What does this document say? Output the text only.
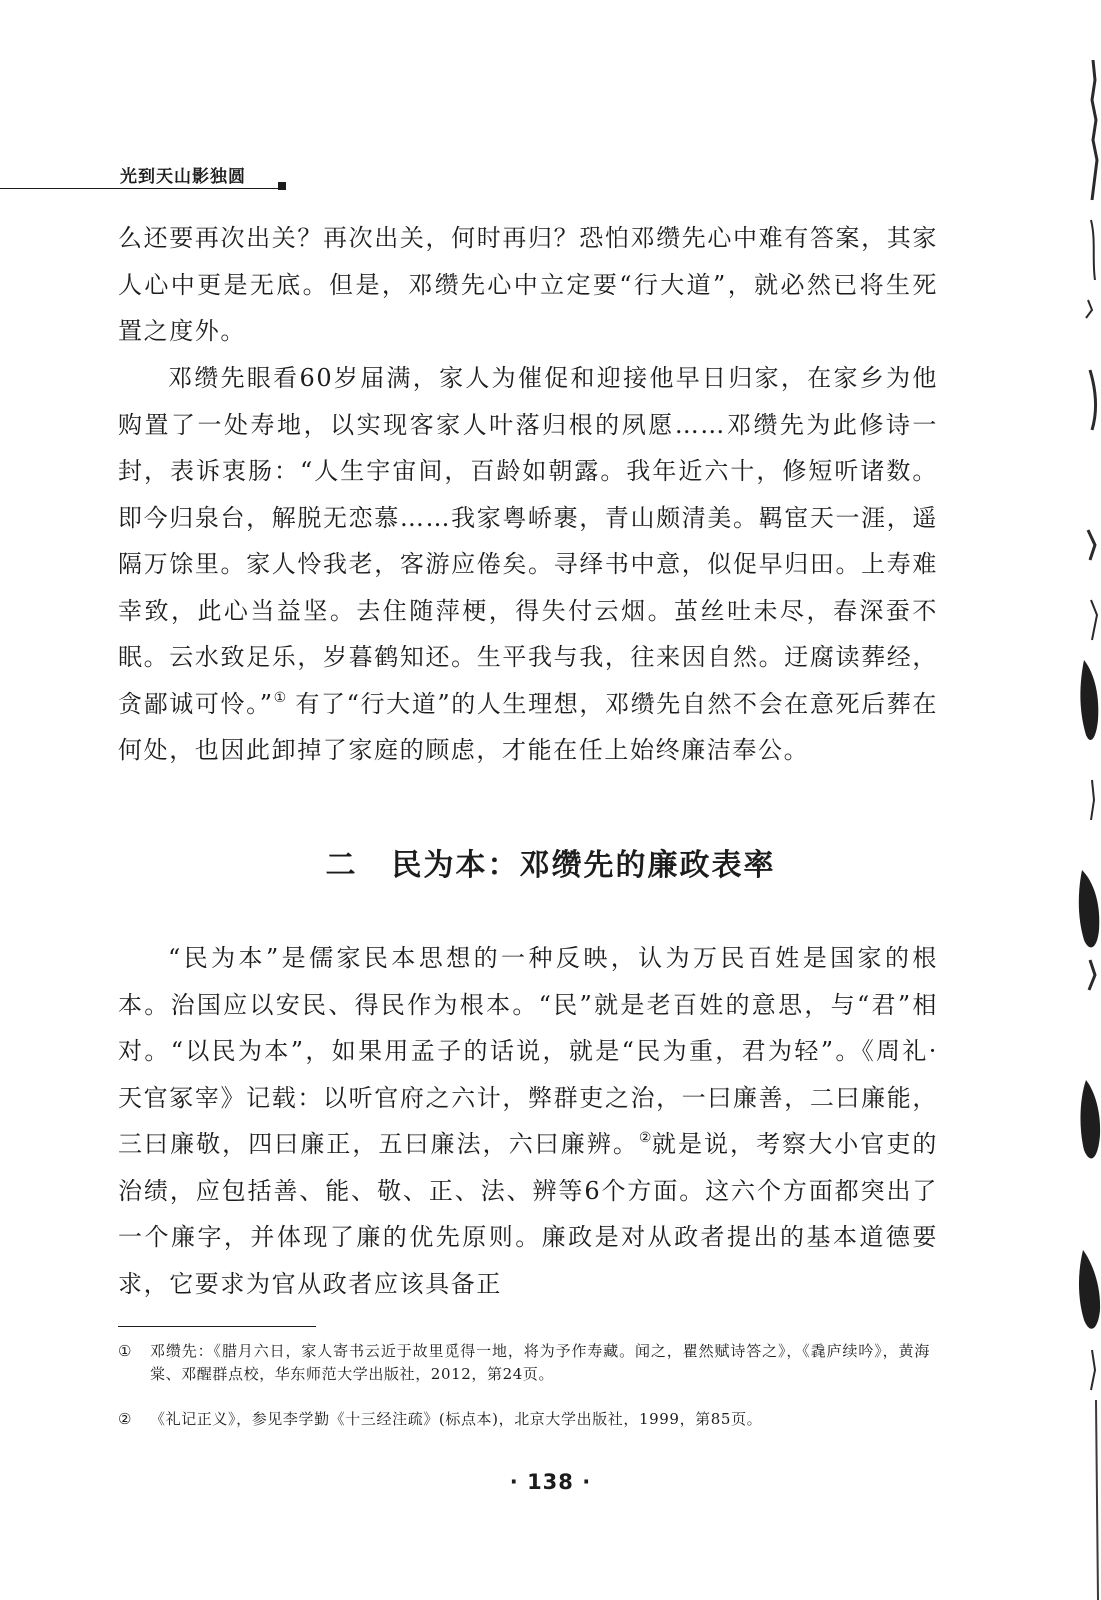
光到天山影独圆

么还要再次出关？再次出关，何时再归？恐怕邓缵先心中难有答案，其家人心中更是无底。但是，邓缵先心中立定要“行大道”，就必然已将生死置之度外。

邓缵先眼看60岁届满，家人为催促和迎接他早日归家，在家乡为他购置了一处寿地，以实现客家人叶落归根的夙愿……邓缵先为此修诗一封，表诉衷肠：“人生宇宙间，百龄如朝露。我年近六十，修短听诸数。即今归泉台，解脱无恋慕……我家粤峤裹，青山颇清美。羁宦天一涯，遥隔万馀里。家人怜我老，客游应倦矣。寻绎书中意，似促早归田。上寿难幸致，此心当益坚。去住随萍梗，得失付云烟。茧丝吐未尽，春深蚕不眠。云水致足乐，岁暮鹤知还。生平我与我，往来因自然。迂腐读葬经，贪鄙诚可怜。”① 有了“行大道”的人生理想，邓缵先自然不会在意死后葬在何处，也因此卸掉了家庭的顾虑，才能在任上始终廉洁奉公。

二 民为本：邓缵先的廉政表率

“民为本”是儒家民本思想的一种反映，认为万民百姓是国家的根本。治国应以安民、得民作为根本。“民”就是老百姓的意思，与“君”相对。“以民为本”，如果用孟子的话说，就是“民为重，君为轻”。《周礼·天官冢宰》记载：以听官府之六计，弊群吏之治，一曰廉善，二曰廉能，三曰廉敬，四曰廉正，五曰廉法，六曰廉辨。②就是说，考察大小官吏的治绩，应包括善、能、敬、正、法、辨等6个方面。这六个方面都突出了一个廉字，并体现了廉的优先原则。廉政是对从政者提出的基本道德要求，它要求为官从政者应该具备正

① 邓缵先：《腊月六日，家人寄书云近于故里觅得一地，将为予作寿藏。闻之，瞿然赋诗答之》，《毳庐续吟》，黄海棠、邓醒群点校，华东师范大学出版社，2012，第24页。

② 《礼记正义》，参见李学勤《十三经注疏》(标点本)，北京大学出版社，1999，第85页。

· 138 ·
